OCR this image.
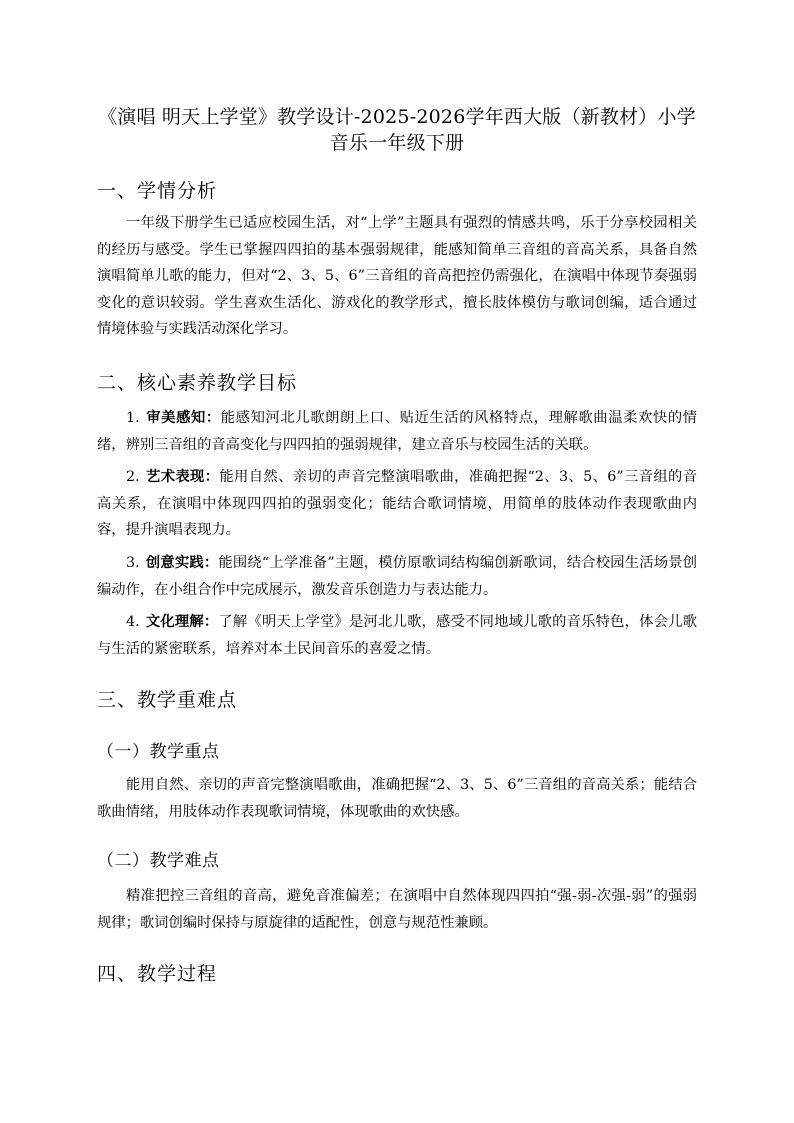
《演唱 明天上学堂》教学设计-2025-2026学年西大版（新教材）小学
音乐一年级下册
一、学情分析
一年级下册学生已适应校园生活，对“上学”主题具有强烈的情感共鸣，乐于分享校园相关的经历与感受。学生已掌握四四拍的基本强弱规律，能感知简单三音组的音高关系，具备自然演唱简单儿歌的能力，但对“2、3、5、6”三音组的音高把控仍需强化，在演唱中体现节奏强弱变化的意识较弱。学生喜欢生活化、游戏化的教学形式，擅长肢体模仿与歌词创编，适合通过情境体验与实践活动深化学习。
二、核心素养教学目标
1. 审美感知：能感知河北儿歌朗朗上口、贴近生活的风格特点，理解歌曲温柔欢快的情绪，辨别三音组的音高变化与四四拍的强弱规律，建立音乐与校园生活的关联。
2. 艺术表现：能用自然、亲切的声音完整演唱歌曲，准确把握“2、3、5、6”三音组的音高关系，在演唱中体现四四拍的强弱变化；能结合歌词情境，用简单的肢体动作表现歌曲内容，提升演唱表现力。
3. 创意实践：能围绕“上学准备”主题，模仿原歌词结构编创新歌词，结合校园生活场景创编动作，在小组合作中完成展示，激发音乐创造力与表达能力。
4. 文化理解：了解《明天上学堂》是河北儿歌，感受不同地域儿歌的音乐特色，体会儿歌与生活的紧密联系，培养对本土民间音乐的喜爱之情。
三、教学重难点
（一）教学重点
能用自然、亲切的声音完整演唱歌曲，准确把握“2、3、5、6”三音组的音高关系；能结合歌曲情绪，用肢体动作表现歌词情境，体现歌曲的欢快感。
（二）教学难点
精准把控三音组的音高，避免音准偏差；在演唱中自然体现四四拍“强-弱-次强-弱”的强弱规律；歌词创编时保持与原旋律的适配性，创意与规范性兼顾。
四、教学过程
